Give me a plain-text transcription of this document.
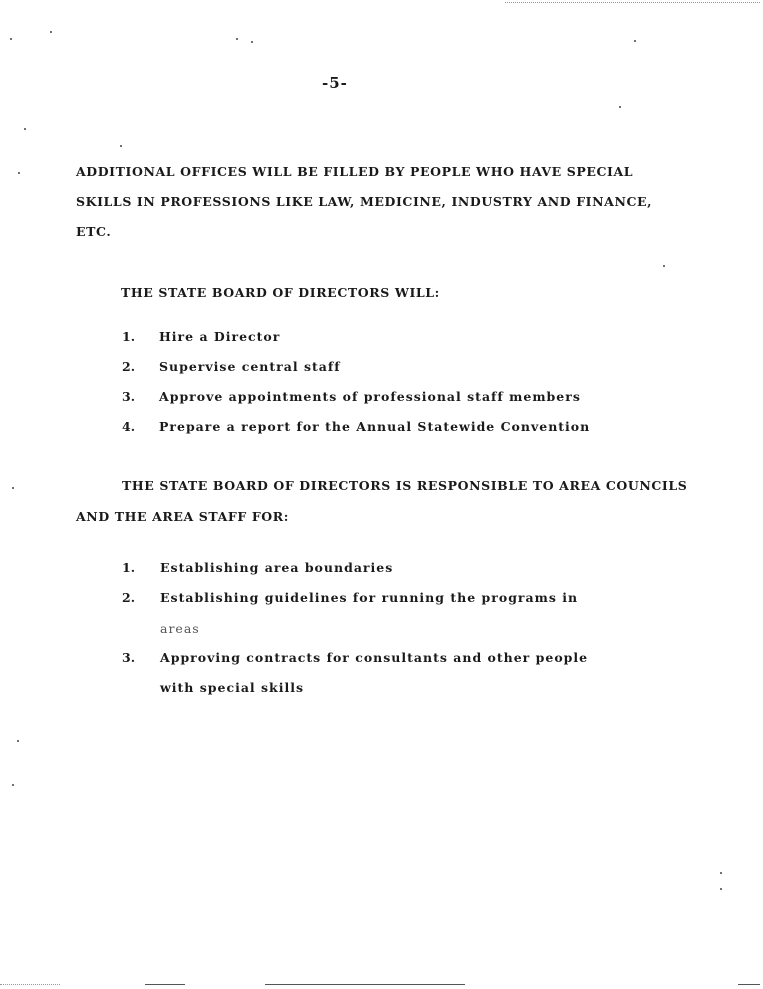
-5-
ADDITIONAL OFFICES WILL BE FILLED BY PEOPLE WHO HAVE SPECIAL
SKILLS IN PROFESSIONS LIKE LAW, MEDICINE, INDUSTRY AND FINANCE,
ETC.
THE STATE BOARD OF DIRECTORS WILL:
1. Hire a Director
2. Supervise central staff
3. Approve appointments of professional staff members
4. Prepare a report for the Annual Statewide Convention
THE STATE BOARD OF DIRECTORS IS RESPONSIBLE TO AREA COUNCILS
AND THE AREA STAFF FOR:
1. Establishing area boundaries
2. Establishing guidelines for running the programs in
areas
3. Approving contracts for consultants and other people
with special skills
